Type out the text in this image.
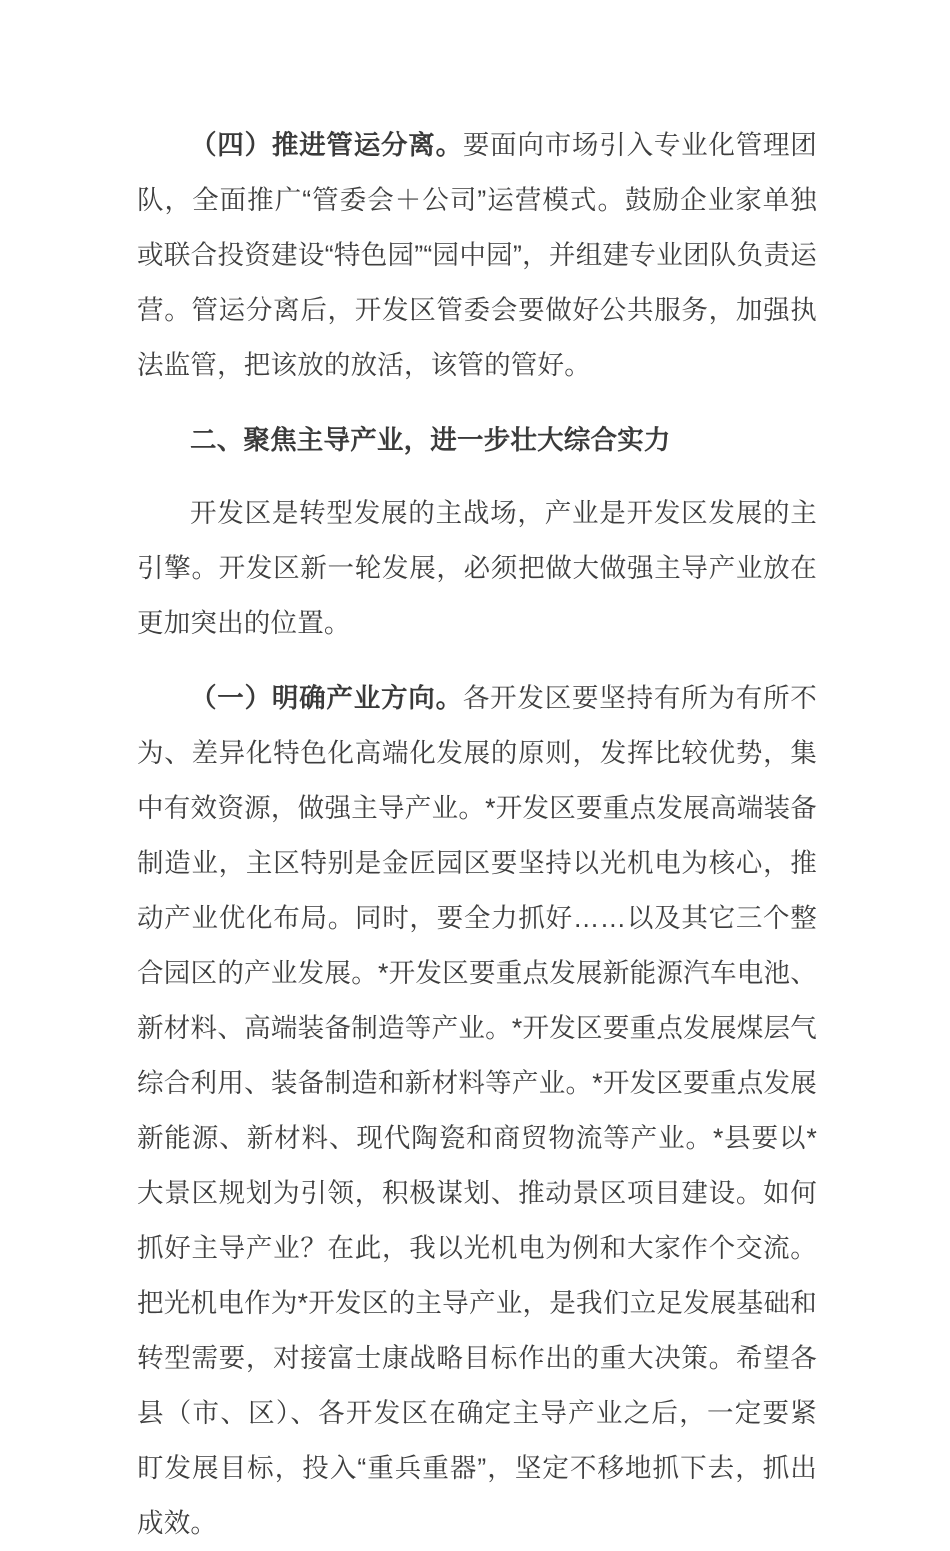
（四）推进管运分离。要面向市场引入专业化管理团队，全面推广“管委会＋公司”运营模式。鼓励企业家单独或联合投资建设“特色园”“园中园”，并组建专业团队负责运营。管运分离后，开发区管委会要做好公共服务，加强执法监管，把该放的放活，该管的管好。

二、聚焦主导产业，进一步壮大综合实力

开发区是转型发展的主战场，产业是开发区发展的主引擎。开发区新一轮发展，必须把做大做强主导产业放在更加突出的位置。

（一）明确产业方向。各开发区要坚持有所为有所不为、差异化特色化高端化发展的原则，发挥比较优势，集中有效资源，做强主导产业。*开发区要重点发展高端装备制造业，主区特别是金匠园区要坚持以光机电为核心，推动产业优化布局。同时，要全力抓好……以及其它三个整合园区的产业发展。*开发区要重点发展新能源汽车电池、新材料、高端装备制造等产业。*开发区要重点发展煤层气综合利用、装备制造和新材料等产业。*开发区要重点发展新能源、新材料、现代陶瓷和商贸物流等产业。*县要以*大景区规划为引领，积极谋划、推动景区项目建设。如何抓好主导产业？在此，我以光机电为例和大家作个交流。把光机电作为*开发区的主导产业，是我们立足发展基础和转型需要，对接富士康战略目标作出的重大决策。希望各县（市、区）、各开发区在确定主导产业之后，一定要紧盯发展目标，投入“重兵重器”，坚定不移地抓下去，抓出成效。
